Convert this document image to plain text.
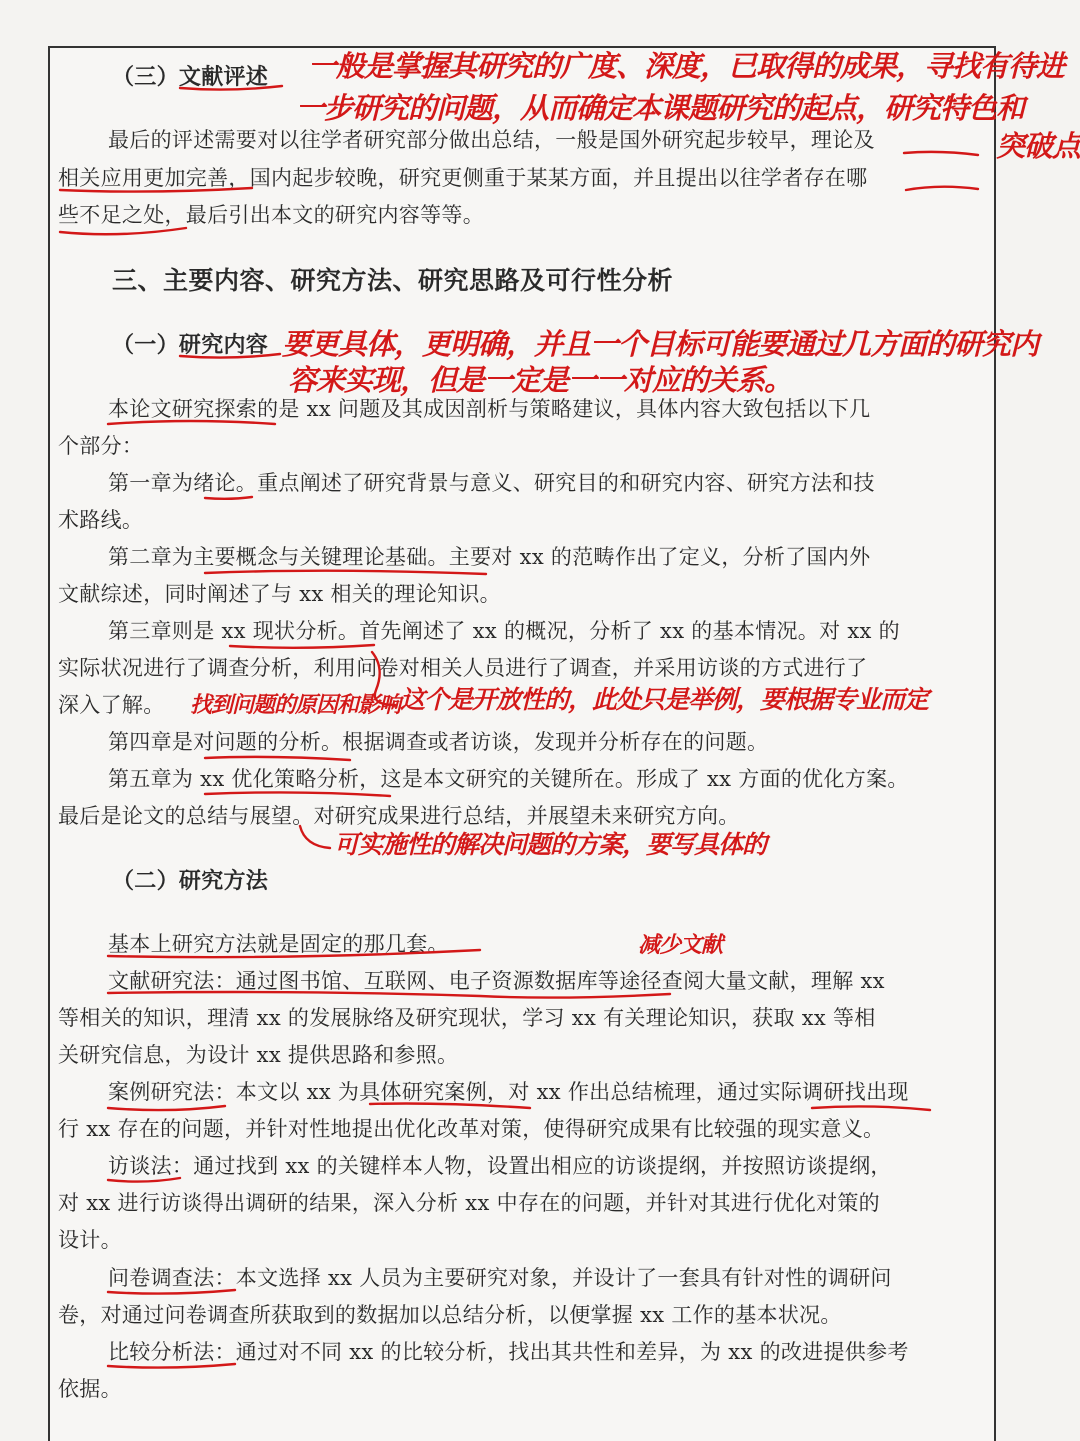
（三）文献评述
最后的评述需要对以往学者研究部分做出总结，一般是国外研究起步较早，理论及
相关应用更加完善，国内起步较晚，研究更侧重于某某方面，并且提出以往学者存在哪
些不足之处，最后引出本文的研究内容等等。
三、主要内容、研究方法、研究思路及可行性分析
（一）研究内容
本论文研究探索的是 xx 问题及其成因剖析与策略建议，具体内容大致包括以下几
个部分：
第一章为绪论。重点阐述了研究背景与意义、研究目的和研究内容、研究方法和技
术路线。
第二章为主要概念与关键理论基础。主要对 xx 的范畴作出了定义，分析了国内外
文献综述，同时阐述了与 xx 相关的理论知识。
第三章则是 xx 现状分析。首先阐述了 xx 的概况，分析了 xx 的基本情况。对 xx 的
实际状况进行了调查分析，利用问卷对相关人员进行了调查，并采用访谈的方式进行了
深入了解。
第四章是对问题的分析。根据调查或者访谈，发现并分析存在的问题。
第五章为 xx 优化策略分析，这是本文研究的关键所在。形成了 xx 方面的优化方案。
最后是论文的总结与展望。对研究成果进行总结，并展望未来研究方向。
（二）研究方法
基本上研究方法就是固定的那几套。
文献研究法：通过图书馆、互联网、电子资源数据库等途径查阅大量文献，理解 xx
等相关的知识，理清 xx 的发展脉络及研究现状，学习 xx 有关理论知识，获取 xx 等相
关研究信息，为设计 xx 提供思路和参照。
案例研究法：本文以 xx 为具体研究案例，对 xx 作出总结梳理，通过实际调研找出现
行 xx 存在的问题，并针对性地提出优化改革对策，使得研究成果有比较强的现实意义。
访谈法：通过找到 xx 的关键样本人物，设置出相应的访谈提纲，并按照访谈提纲，
对 xx 进行访谈得出调研的结果，深入分析 xx 中存在的问题，并针对其进行优化对策的
设计。
问卷调查法：本文选择 xx 人员为主要研究对象，并设计了一套具有针对性的调研问
卷，对通过问卷调查所获取到的数据加以总结分析，以便掌握 xx 工作的基本状况。
比较分析法：通过对不同 xx 的比较分析，找出其共性和差异，为 xx 的改进提供参考
依据。
一般是掌握其研究的广度、深度，已取得的成果，寻找有待进
一步研究的问题，从而确定本课题研究的起点，研究特色和
突破点
要更具体，更明确，并且一个目标可能要通过几方面的研究内
容来实现，但是一定是一一对应的关系。
这个是开放性的，此处只是举例，要根据专业而定
找到问题的原因和影响
可实施性的解决问题的方案，要写具体的
减少文献
